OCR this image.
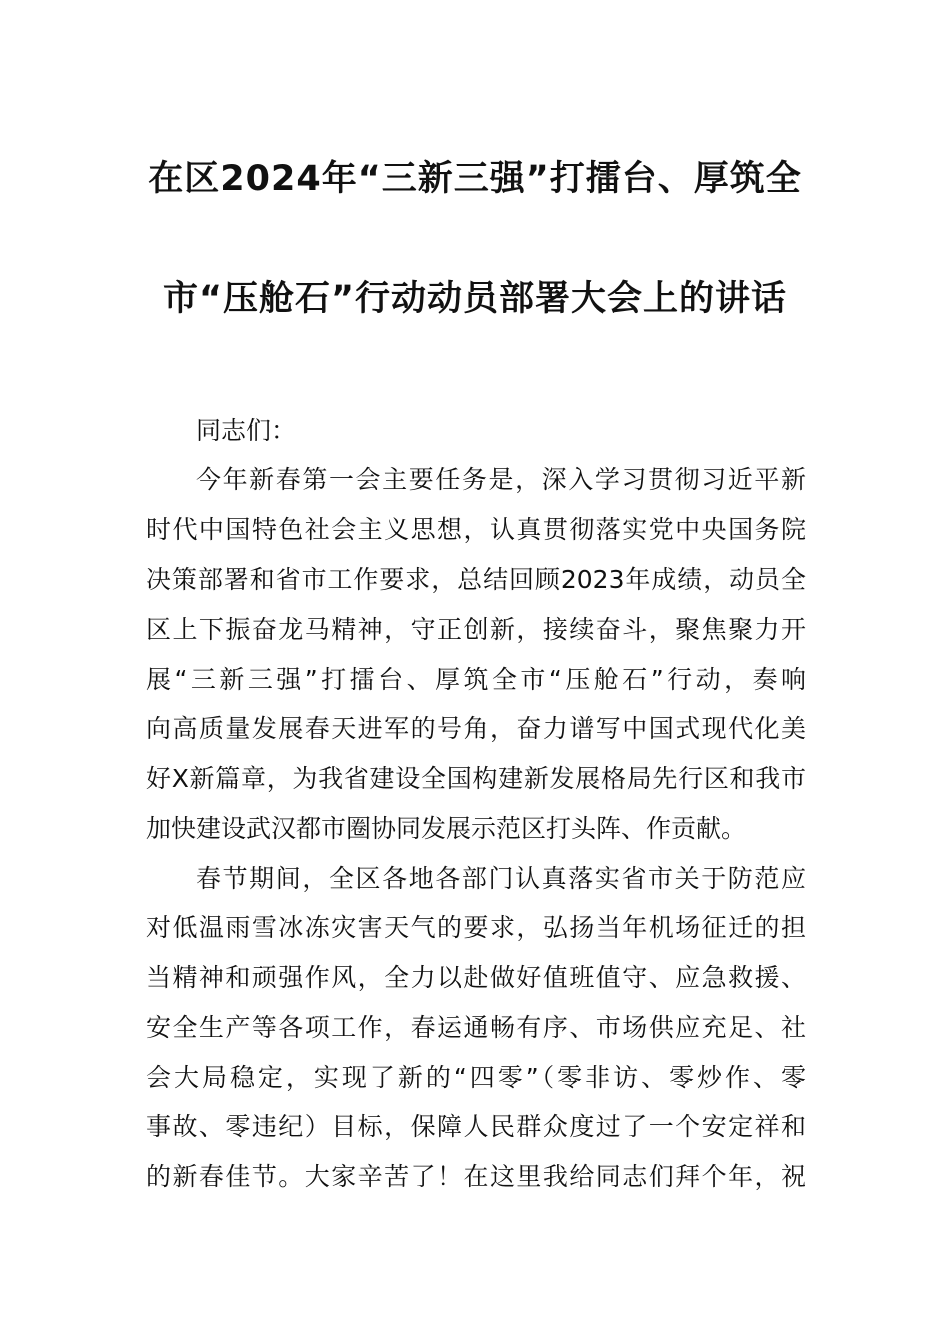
在区2024年“三新三强”打擂台、厚筑全
市“压舱石”行动动员部署大会上的讲话
同志们：
今年新春第一会主要任务是，深入学习贯彻习近平新
时代中国特色社会主义思想，认真贯彻落实党中央国务院
决策部署和省市工作要求，总结回顾2023年成绩，动员全
区上下振奋龙马精神，守正创新，接续奋斗，聚焦聚力开
展“三新三强”打擂台、厚筑全市“压舱石”行动，奏响
向高质量发展春天进军的号角，奋力谱写中国式现代化美
好X新篇章，为我省建设全国构建新发展格局先行区和我市
加快建设武汉都市圈协同发展示范区打头阵、作贡献。
春节期间，全区各地各部门认真落实省市关于防范应
对低温雨雪冰冻灾害天气的要求，弘扬当年机场征迁的担
当精神和顽强作风，全力以赴做好值班值守、应急救援、
安全生产等各项工作，春运通畅有序、市场供应充足、社
会大局稳定，实现了新的“四零”（零非访、零炒作、零
事故、零违纪）目标，保障人民群众度过了一个安定祥和
的新春佳节。大家辛苦了！在这里我给同志们拜个年，祝
